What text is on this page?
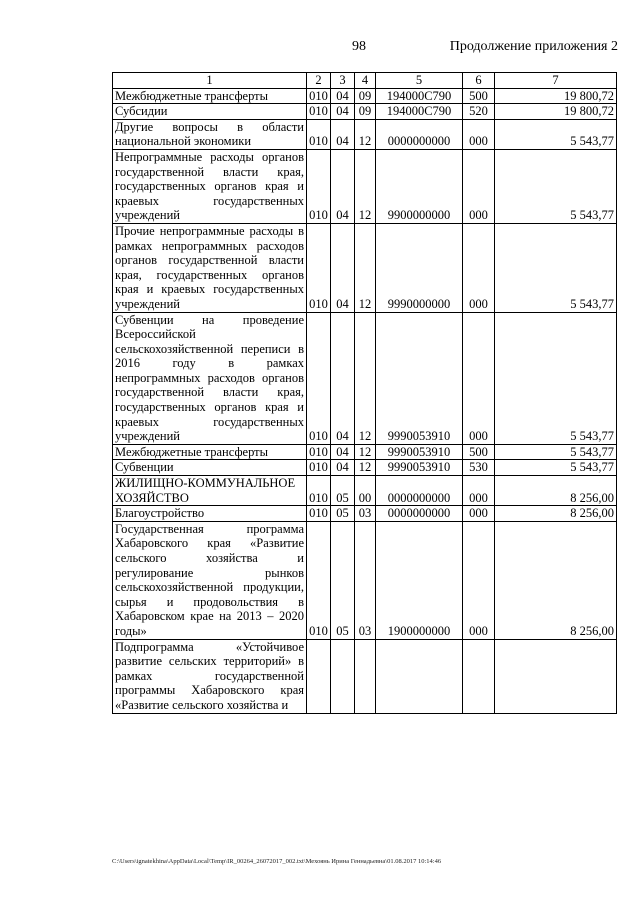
98	Продолжение приложения 2
1	2	3	4	5	6	7
Межбюджетные трансферты	010	04	09	194000С790	500	19 800,72
Субсидии	010	04	09	194000С790	520	19 800,72
Другие вопросы в области национальной экономики	010	04	12	0000000000	000	5 543,77
Непрограммные расходы органов государственной власти края, государственных органов края и краевых государственных учреждений	010	04	12	9900000000	000	5 543,77
Прочие непрограммные расходы в рамках непрограммных расходов органов государственной власти края, государственных органов края и краевых государственных учреждений	010	04	12	9990000000	000	5 543,77
Субвенции на проведение Всероссийской сельскохозяйственной переписи в 2016 году в рамках непрограммных расходов органов государственной власти края, государственных органов края и краевых государственных учреждений	010	04	12	9990053910	000	5 543,77
Межбюджетные трансферты	010	04	12	9990053910	500	5 543,77
Субвенции	010	04	12	9990053910	530	5 543,77
ЖИЛИЩНО-КОММУНАЛЬНОЕ ХОЗЯЙСТВО	010	05	00	0000000000	000	8 256,00
Благоустройство	010	05	03	0000000000	000	8 256,00
Государственная программа Хабаровского края «Развитие сельского хозяйства и регулирование рынков сельскохозяйственной продукции, сырья и продовольствия в Хабаровском крае на 2013 – 2020 годы»	010	05	03	1900000000	000	8 256,00
Подпрограмма «Устойчивое развитие сельских территорий» в рамках государственной программы Хабаровского края «Развитие сельского хозяйства и						
C:\Users\ignatekhina\AppData\Local\Temp\IR_00264_26072017_002.txt\Мехоянь Ирина Геннадьевна\01.08.2017 10:14:46
